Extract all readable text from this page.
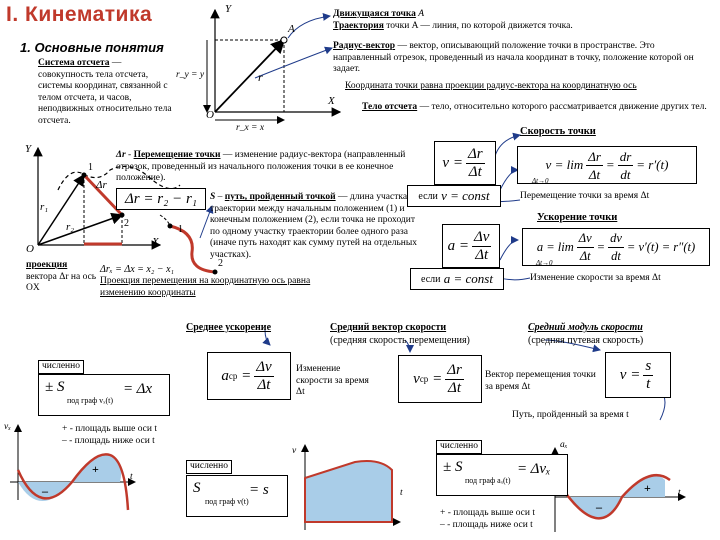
I. Кинематика
1. Основные понятия
Y
X
O
A
r
r_y = y
r_x = x
Движущаяся точка A
Траектория точки A — линия, по которой движется точка.
Радиус-вектор — вектор, описывающий положение точки в пространстве. Это направленный отрезок, проведенный из начала координат в точку, положение которой он задает.
Координата точки равна проекции радиус-вектора на координатную ось
Система отсчета — совокупность тела отсчета, системы координат, связанной с телом отсчета, и часов, неподвижных относительно тела отсчета.
Тело отсчета — тело, относительно которого рассматривается движение других тел.
Δr - Перемещение точки — изменение радиус-вектора (направленный отрезок, проведенный из начального положения точки в ее конечное положение).
Δr = r₂ − r₁ S – путь, пройденный точкой — длина участка траектории между начальным положением (1) и конечным положением (2), если точка не проходит по одному участку траектории более одного раза (иначе путь находят как сумму путей на отдельных участках).
Y
X
O
r₁
r₂
Δr
1
2
1
2
проекция
вектора Δr на ось OX
Δrₓ = Δx = x₂ − x₁
Проекция перемещения на координатную ось равна изменению координаты
Скорость точки
$v = \frac{\Delta r}{\Delta t}$
если
v = const
$v = \lim \frac{\Delta r}{\Delta t} = \frac{dr}{dt} = r'(t)$
Δt→0
Перемещение точки за время Δt
Ускорение точки
$a = \frac{\Delta v}{\Delta t}$
если
a = const
$a = \lim \frac{\Delta v}{\Delta t} = \frac{dv}{dt} = v'(t) = r''(t)$
Δt→0
Изменение скорости за время Δt
Среднее ускорение
a ср = $\frac{\Delta v}{\Delta t}$ Изменение скорости за время Δt
Средний вектор скорости
(средняя скорость перемещения)
v ср = $\frac{\Delta r}{\Delta t}$ Вектор перемещения точки за время Δt
Средний модуль скорости
(средняя путевая скорость)
$v = \frac{s}{t}$
Путь, пройденный за время t
численно
± S
под граф vₓ(t)
= Δx
+ - площадь выше оси t
– - площадь ниже оси t
численно
S
под граф v(t)
= s
численно
± S
под граф aₓ(t)
= Δvₓ
+ - площадь выше оси t
– - площадь ниже оси t
vₓ
t
+
–
v
t
aₓ
t
+
–
